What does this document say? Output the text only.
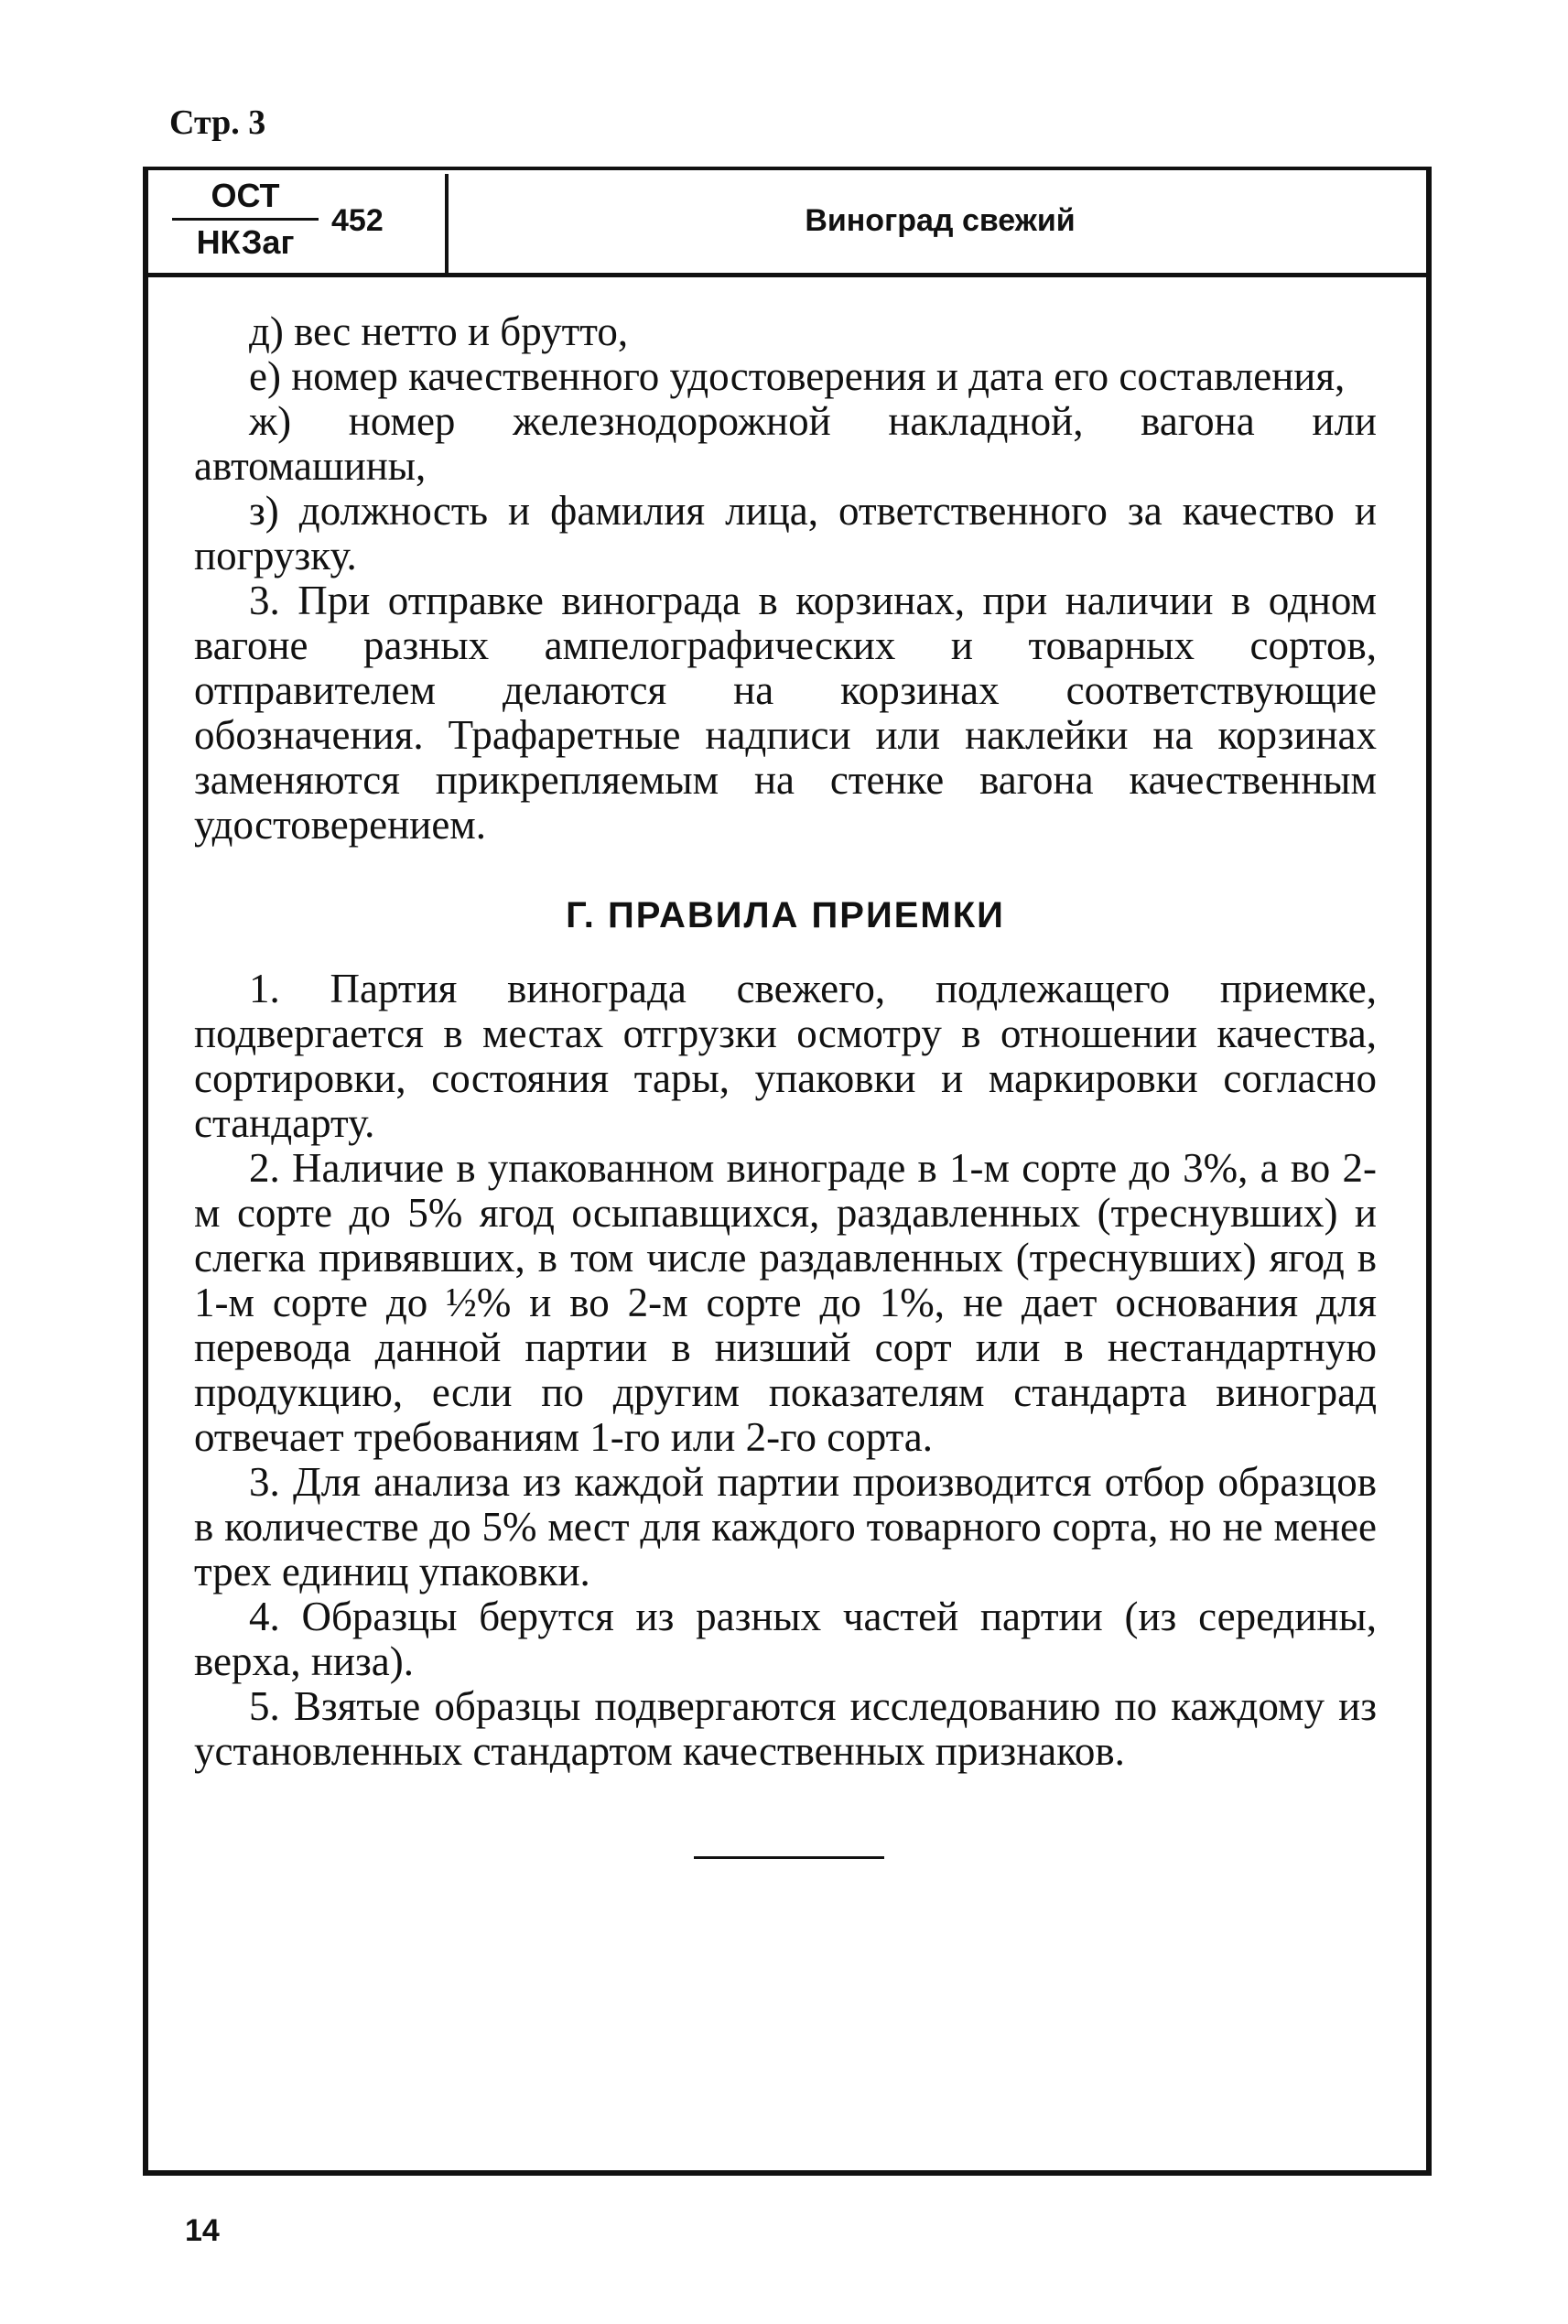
Стр. 3
ОСТ
НКЗаг
452	Виноград свежий

д) вес нетто и брутто,

е) номер качественного удостоверения и дата его составления,

ж) номер железнодорожной накладной, вагона или автомашины,

з) должность и фамилия лица, ответственного за качество и погрузку.

3. При отправке винограда в корзинах, при наличии в одном вагоне разных ампелографических и товарных сортов, отправителем делаются на корзинах соответствующие обозначения. Трафаретные надписи или наклейки на корзинах заменяются прикрепляемым на стенке вагона качественным удостоверением.

Г. ПРАВИЛА ПРИЕМКИ

1. Партия винограда свежего, подлежащего приемке, подвергается в местах отгрузки осмотру в отношении качества, сортировки, состояния тары, упаковки и маркировки согласно стандарту.

2. Наличие в упакованном винограде в 1-м сорте до 3%, а во 2-м сорте до 5% ягод осыпавщихся, раздавленных (треснувших) и слегка привявших, в том числе раздавленных (треснувших) ягод в 1-м сорте до ½% и во 2-м сорте до 1%, не дает основания для перевода данной партии в низший сорт или в нестандартную продукцию, если по другим показателям стандарта виноград отвечает требованиям 1-го или 2-го сорта.

3. Для анализа из каждой партии производится отбор образцов в количестве до 5% мест для каждого товарного сорта, но не менее трех единиц упаковки.

4. Образцы берутся из разных частей партии (из середины, верха, низа).

5. Взятые образцы подвергаются исследованию по каждому из установленных стандартом качественных признаков.

14
